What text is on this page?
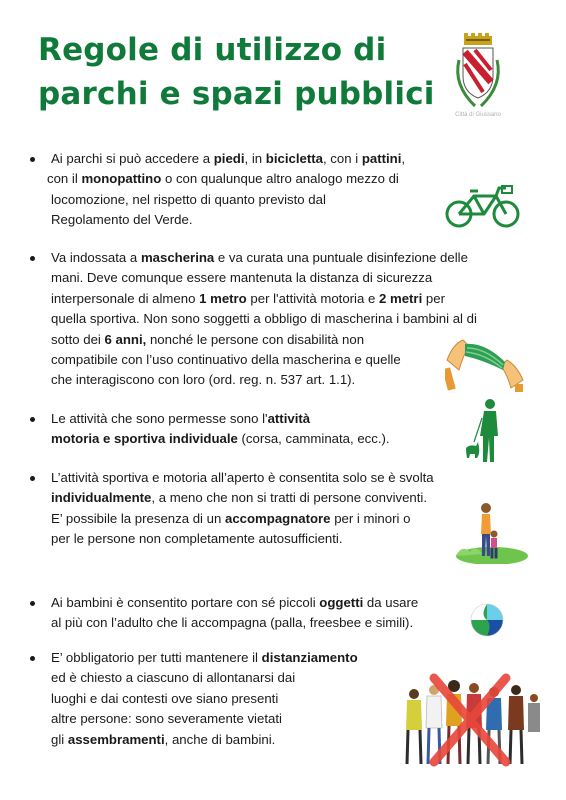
Regole di utilizzo di
parchi e spazi pubblici
Città di Giussano
Ai parchi si può accedere a piedi, in bicicletta, con i pattini,
con il monopattino o con qualunque altro analogo mezzo di
locomozione, nel rispetto di quanto previsto dal
Regolamento del Verde.
Va indossata a mascherina e va curata una puntuale disinfezione delle
mani. Deve comunque essere mantenuta la distanza di sicurezza
interpersonale di almeno 1 metro per l'attività motoria e 2 metri per
quella sportiva. Non sono soggetti a obbligo di mascherina i bambini al di
sotto dei 6 anni, nonché le persone con disabilità non
compatibile con l’uso continuativo della mascherina e quelle
che interagiscono con loro (ord. reg. n. 537 art. 1.1).
Le attività che sono permesse sono l'attività
motoria e sportiva individuale (corsa, camminata, ecc.).
L’attività sportiva e motoria all’aperto è consentita solo se è svolta
individualmente, a meno che non si tratti di persone conviventi.
E’ possibile la presenza di un accompagnatore per i minori o
per le persone non completamente autosufficienti.
Ai bambini è consentito portare con sé piccoli oggetti da usare
al più con l’adulto che li accompagna (palla, freesbee e simili).
E’ obbligatorio per tutti mantenere il distanziamento
ed è chiesto a ciascuno di allontanarsi dai
luoghi e dai contesti ove siano presenti
altre persone: sono severamente vietati
gli assembramenti, anche di bambini.
